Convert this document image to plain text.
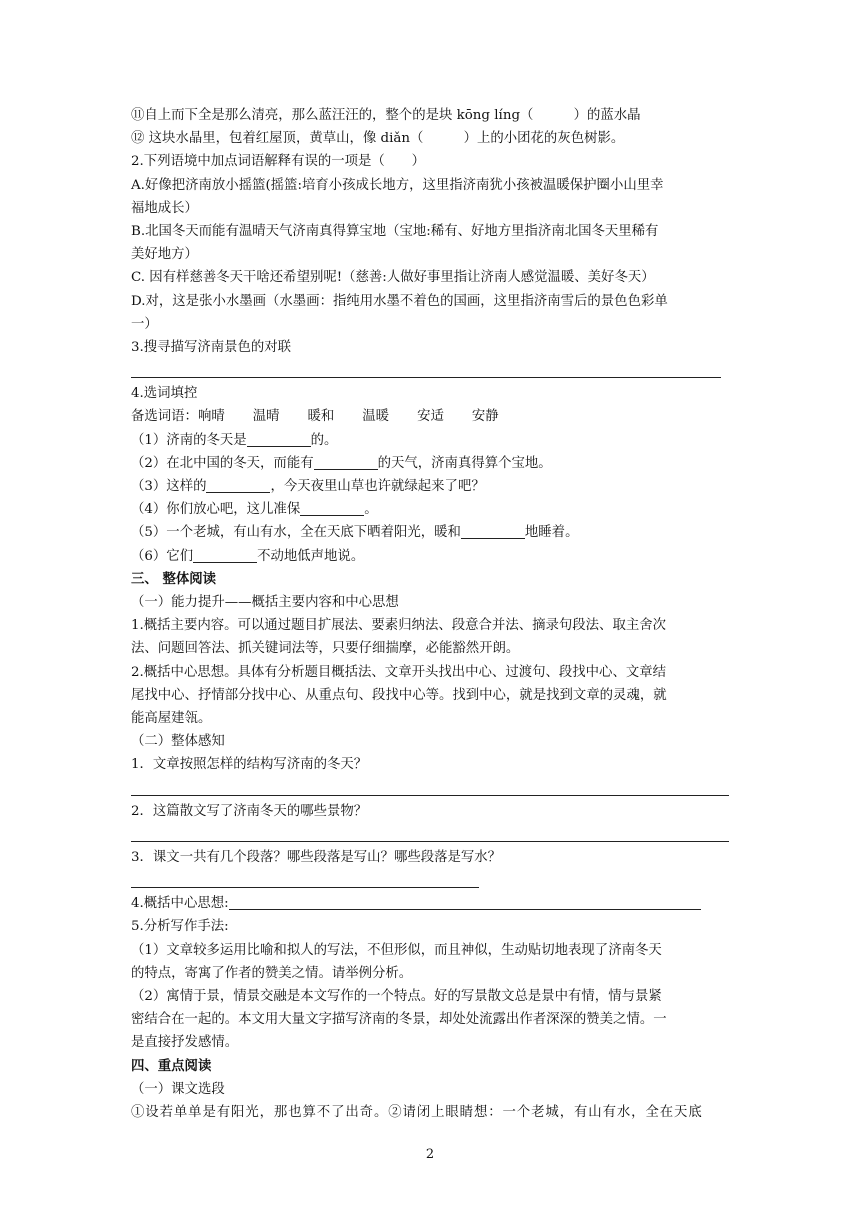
⑪自上而下全是那么清亮，那么蓝汪汪的，整个的是块 kōng líng（　　　）的蓝水晶
⑫ 这块水晶里，包着红屋顶，黄草山，像 diǎn（　　　）上的小团花的灰色树影。
2.下列语境中加点词语解释有误的一项是（　　）
A.好像把济南放小摇篮(摇篮:培育小孩成长地方，这里指济南犹小孩被温暖保护圈小山里幸
福地成长）
B.北国冬天而能有温晴天气济南真得算宝地（宝地:稀有、好地方里指济南北国冬天里稀有
美好地方）
C. 因有样慈善冬天干啥还希望别呢!（慈善:人做好事里指让济南人感觉温暖、美好冬天）
D.对，这是张小水墨画（水墨画：指纯用水墨不着色的国画，这里指济南雪后的景色色彩单
一）
3.搜寻描写济南景色的对联
4.选词填控
备选词语：响晴 温晴 暖和 温暖 安适 安静
（1）济南的冬天是	的。
（2）在北中国的冬天，而能有	的天气，济南真得算个宝地。
（3）这样的	，今天夜里山草也许就绿起来了吧？
（4）你们放心吧，这儿准保	。
（5）一个老城，有山有水，全在天底下晒着阳光，暖和	地睡着。
（6）它们	不动地低声地说。
三、 整体阅读
（一）能力提升——概括主要内容和中心思想
1.概括主要内容。可以通过题目扩展法、要素归纳法、段意合并法、摘录句段法、取主舍次
法、问题回答法、抓关键词法等，只要仔细揣摩，必能豁然开朗。
2.概括中心思想。具体有分析题目概括法、文章开头找出中心、过渡句、段找中心、文章结
尾找中心、抒情部分找中心、从重点句、段找中心等。找到中心，就是找到文章的灵魂，就
能高屋建瓴。
（二）整体感知
1．文章按照怎样的结构写济南的冬天？
2．这篇散文写了济南冬天的哪些景物？
3．课文一共有几个段落？哪些段落是写山？哪些段落是写水？
4.概括中心思想:
5.分析写作手法:
（1）文章较多运用比喻和拟人的写法，不但形似，而且神似，生动贴切地表现了济南冬天
的特点，寄寓了作者的赞美之情。请举例分析。
（2）寓情于景，情景交融是本文写作的一个特点。好的写景散文总是景中有情，情与景紧
密结合在一起的。本文用大量文字描写济南的冬景，却处处流露出作者深深的赞美之情。一
是直接抒发感情。
四、重点阅读
（一）课文选段
①设若单单是有阳光，那也算不了出奇。②请闭上眼睛想：一个老城，有山有水，全在天底
2
